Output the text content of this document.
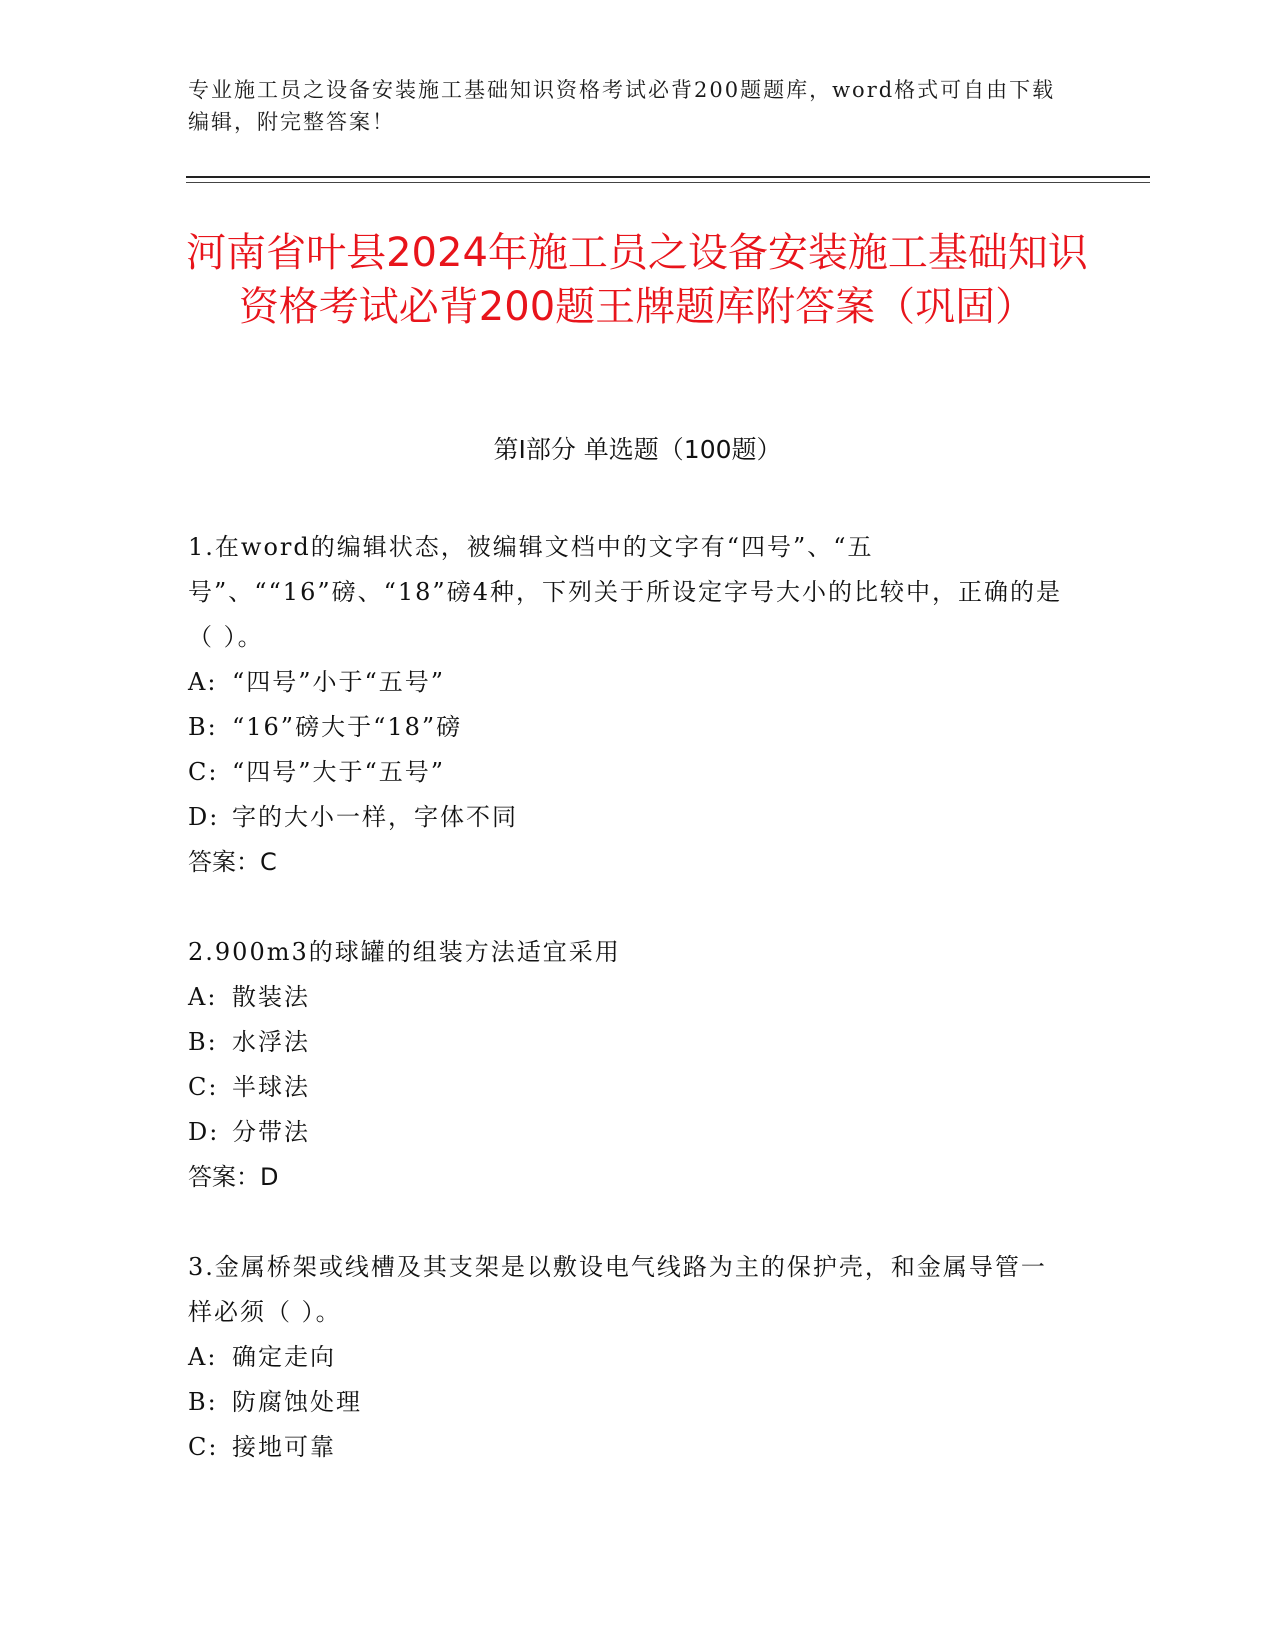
专业施工员之设备安装施工基础知识资格考试必背200题题库，word格式可自由下载编辑，附完整答案！
河南省叶县2024年施工员之设备安装施工基础知识资格考试必背200题王牌题库附答案（巩固）
第I部分 单选题（100题）

1.在word的编辑状态，被编辑文档中的文字有“四号”、“五号”、““16”磅、“18”磅4种，下列关于所设定字号大小的比较中，正确的是（ ）。

A: “四号”小于“五号”

B: “16”磅大于“18”磅

C: “四号”大于“五号”

D: 字的大小一样，字体不同

答案：C

2.900m3的球罐的组装方法适宜采用

A: 散装法

B: 水浮法

C: 半球法

D: 分带法

答案：D

3.金属桥架或线槽及其支架是以敷设电气线路为主的保护壳，和金属导管一样必须（ ）。

A: 确定走向

B: 防腐蚀处理

C: 接地可靠
